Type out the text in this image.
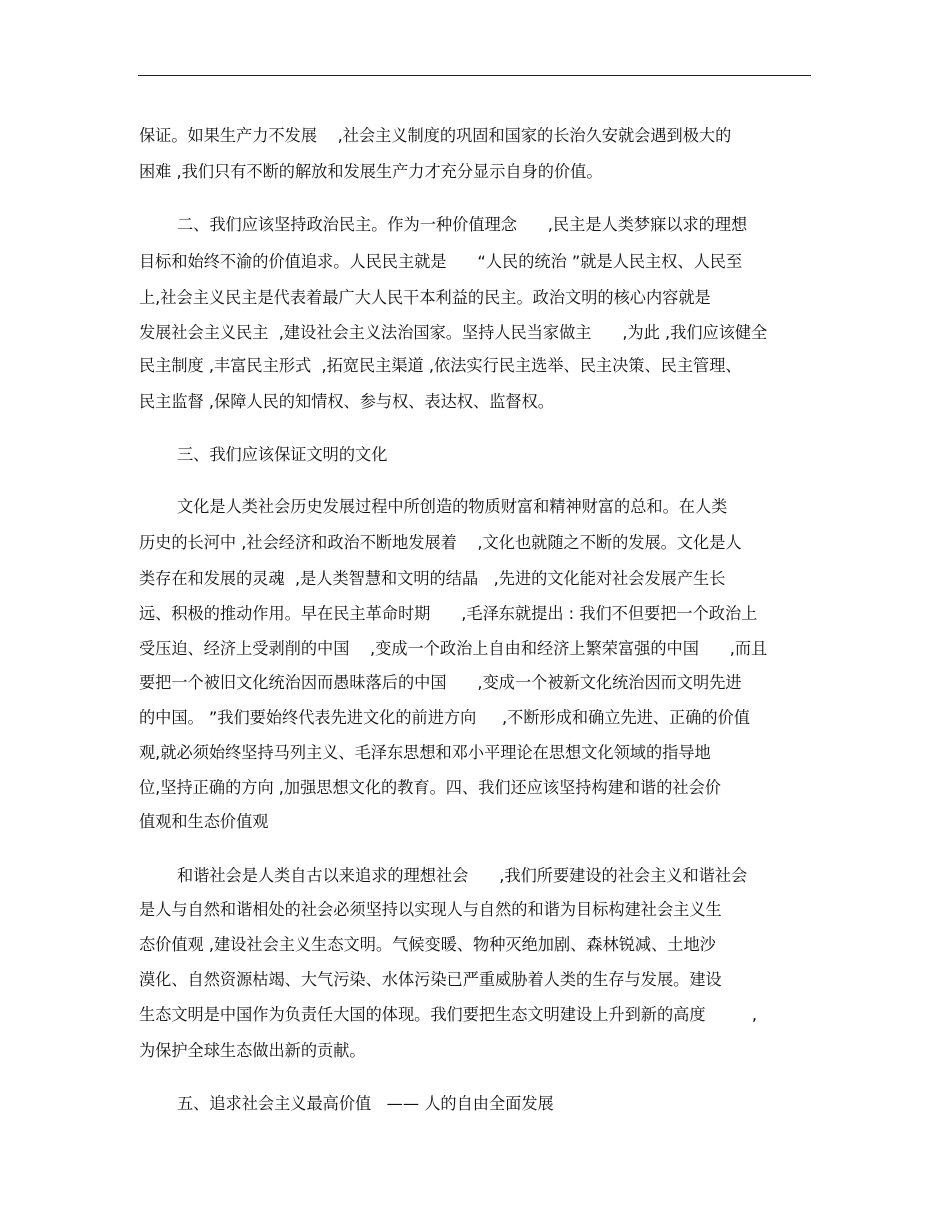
保证。如果生产力不发展    ,社会主义制度的巩固和国家的长治久安就会遇到极大的
困难 ,我们只有不断的解放和发展生产力才充分显示自身的价值。
二、我们应该坚持政治民主。作为一种价值理念      ,民主是人类梦寐以求的理想
目标和始终不渝的价值追求。人民民主就是      “人民的统治 ”就是人民主权、人民至
上,社会主义民主是代表着最广大人民干本利益的民主。政治文明的核心内容就是
发展社会主义民主  ,建设社会主义法治国家。坚持人民当家做主      ,为此 ,我们应该健全
民主制度 ,丰富民主形式  ,拓宽民主渠道 ,依法实行民主选举、民主决策、民主管理、
民主监督 ,保障人民的知情权、参与权、表达权、监督权。
三、我们应该保证文明的文化
文化是人类社会历史发展过程中所创造的物质财富和精神财富的总和。在人类
历史的长河中 ,社会经济和政治不断地发展着    ,文化也就随之不断的发展。文化是人
类存在和发展的灵魂  ,是人类智慧和文明的结晶   ,先进的文化能对社会发展产生长
远、积极的推动作用。早在民主革命时期      ,毛泽东就提出 : 我们不但要把一个政治上
受压迫、经济上受剥削的中国    ,变成一个政治上自由和经济上繁荣富强的中国      ,而且
要把一个被旧文化统治因而愚昧落后的中国      ,变成一个被新文化统治因而文明先进
的中国。 ”我们要始终代表先进文化的前进方向     ,不断形成和确立先进、正确的价值
观,就必须始终坚持马列主义、毛泽东思想和邓小平理论在思想文化领域的指导地
位,坚持正确的方向 ,加强思想文化的教育。四、我们还应该坚持构建和谐的社会价
值观和生态价值观
和谐社会是人类自古以来追求的理想社会      ,我们所要建设的社会主义和谐社会
是人与自然和谐相处的社会必须坚持以实现人与自然的和谐为目标构建社会主义生
态价值观 ,建设社会主义生态文明。气候变暖、物种灭绝加剧、森林锐减、土地沙
漠化、自然资源枯竭、大气污染、水体污染已严重威胁着人类的生存与发展。建设
生态文明是中国作为负责任大国的体现。我们要把生态文明建设上升到新的高度         ,
为保护全球生态做出新的贡献。
五、追求社会主义最高价值   —— 人的自由全面发展
